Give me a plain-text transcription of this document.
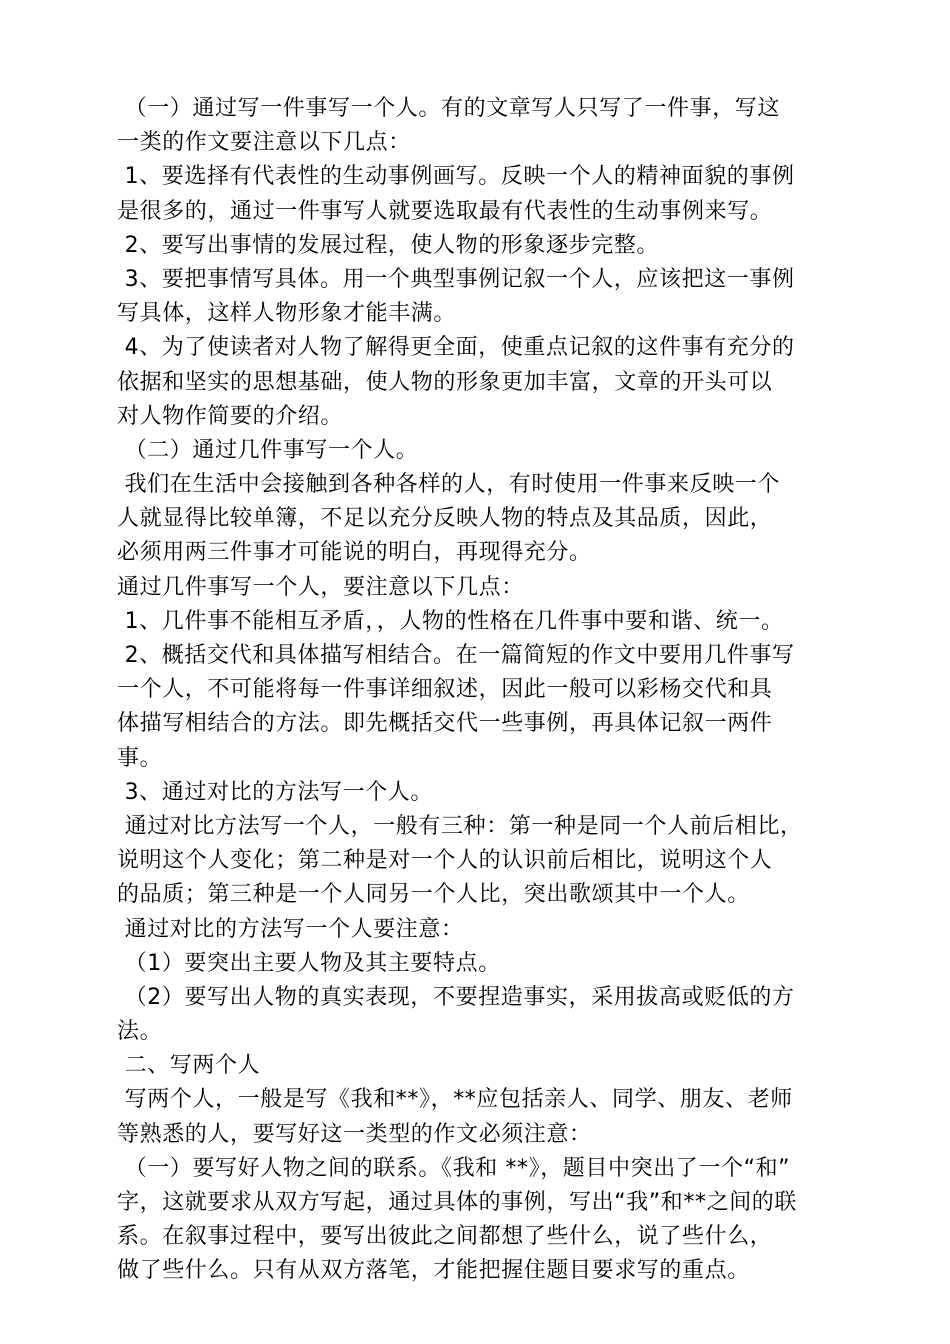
（一）通过写一件事写一个人。有的文章写人只写了一件事，写这
一类的作文要注意以下几点：
1、要选择有代表性的生动事例画写。反映一个人的精神面貌的事例
是很多的，通过一件事写人就要选取最有代表性的生动事例来写。
2、要写出事情的发展过程，使人物的形象逐步完整。
3、要把事情写具体。用一个典型事例记叙一个人，应该把这一事例
写具体，这样人物形象才能丰满。
4、为了使读者对人物了解得更全面，使重点记叙的这件事有充分的
依据和坚实的思想基础，使人物的形象更加丰富，文章的开头可以
对人物作简要的介绍。
（二）通过几件事写一个人。
我们在生活中会接触到各种各样的人，有时使用一件事来反映一个
人就显得比较单簿，不足以充分反映人物的特点及其品质，因此，
必须用两三件事才可能说的明白，再现得充分。
通过几件事写一个人，要注意以下几点：
1、几件事不能相互矛盾，，人物的性格在几件事中要和谐、统一。
2、概括交代和具体描写相结合。在一篇简短的作文中要用几件事写
一个人，不可能将每一件事详细叙述，因此一般可以彩杨交代和具
体描写相结合的方法。即先概括交代一些事例，再具体记叙一两件
事。
3、通过对比的方法写一个人。
通过对比方法写一个人，一般有三种：第一种是同一个人前后相比，
说明这个人变化；第二种是对一个人的认识前后相比，说明这个人
的品质；第三种是一个人同另一个人比，突出歌颂其中一个人。
通过对比的方法写一个人要注意：
（1）要突出主要人物及其主要特点。
（2）要写出人物的真实表现，不要捏造事实，采用拔高或贬低的方
法。
二、写两个人
写两个人，一般是写《我和**》，**应包括亲人、同学、朋友、老师
等熟悉的人，要写好这一类型的作文必须注意：
（一）要写好人物之间的联系。《我和 **》，题目中突出了一个“和”
字，这就要求从双方写起，通过具体的事例，写出“我”和**之间的联
系。在叙事过程中，要写出彼此之间都想了些什么，说了些什么，
做了些什么。只有从双方落笔，才能把握住题目要求写的重点。
